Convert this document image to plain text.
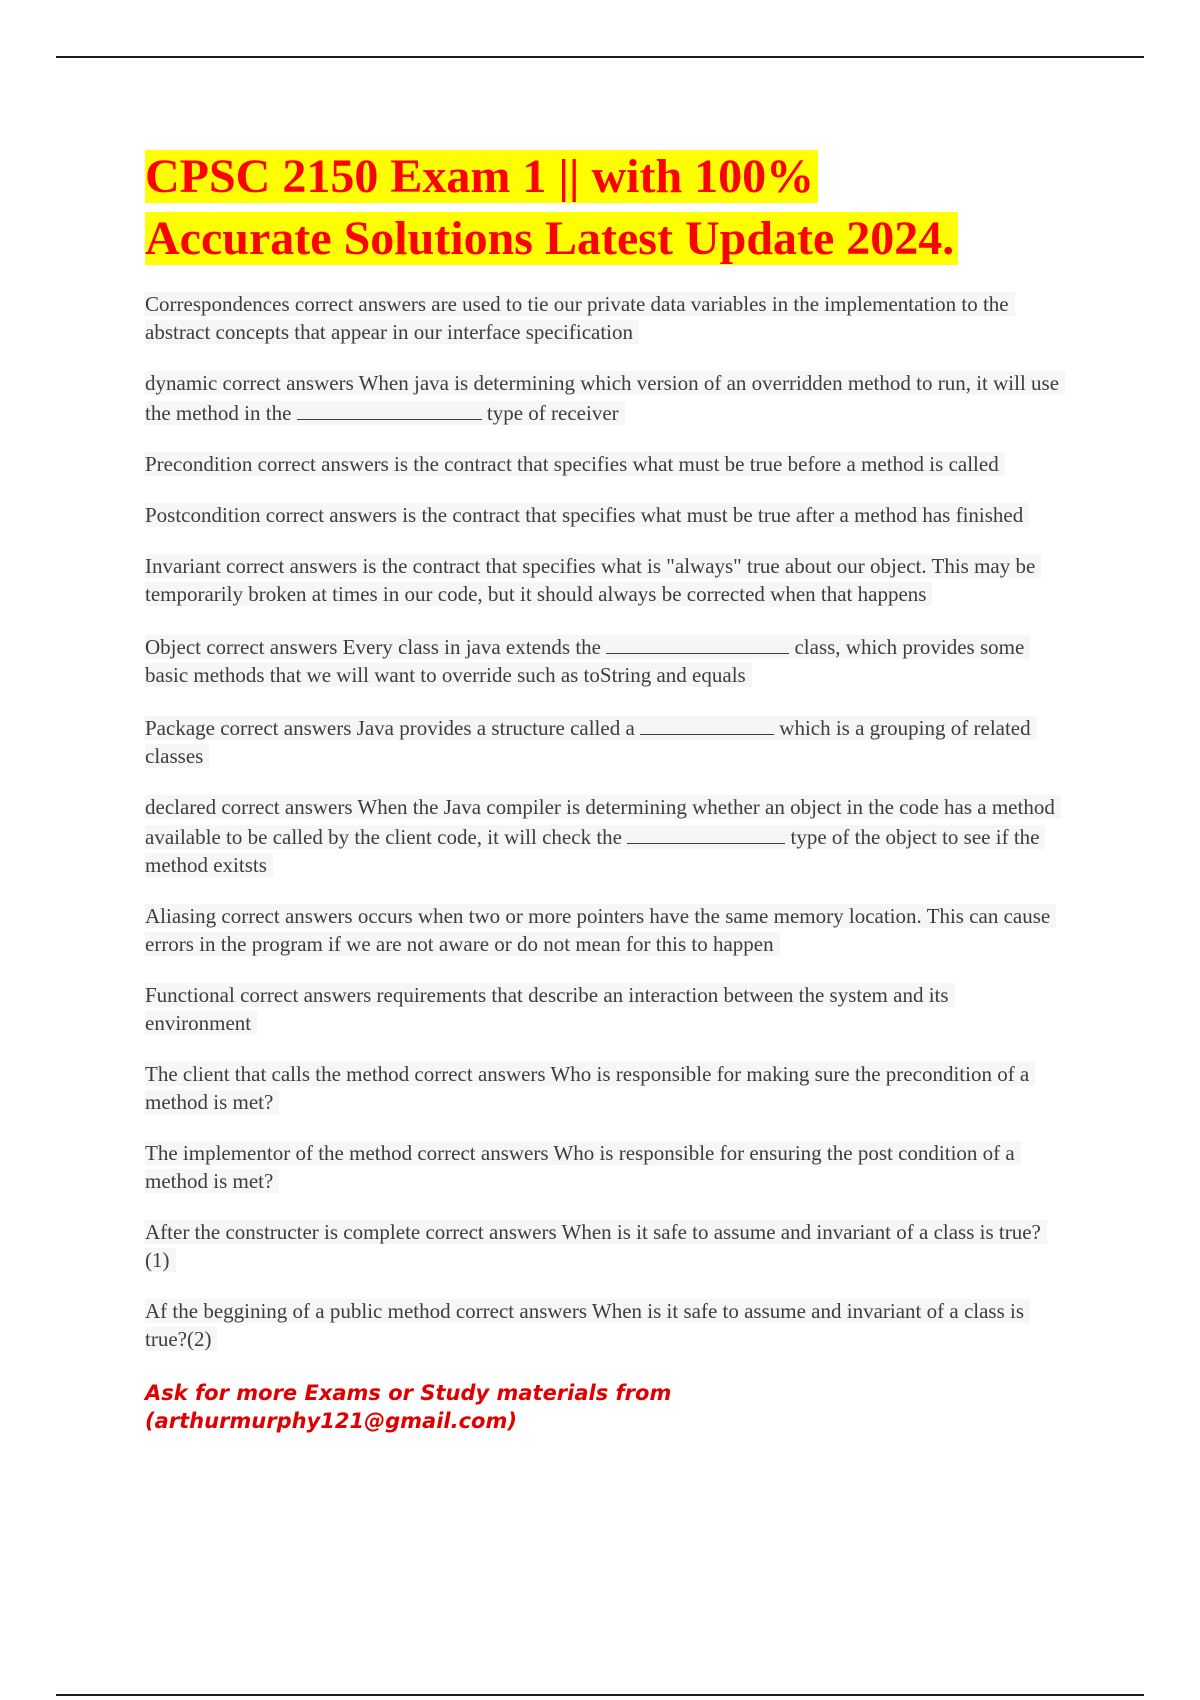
CPSC 2150 Exam 1 || with 100%
Accurate Solutions Latest Update 2024.

Correspondences correct answers are used to tie our private data variables in the implementation to the abstract concepts that appear in our interface specification

dynamic correct answers When java is determining which version of an overridden method to run, it will use the method in the	type of receiver

Precondition correct answers is the contract that specifies what must be true before a method is called

Postcondition correct answers is the contract that specifies what must be true after a method has finished

Invariant correct answers is the contract that specifies what is "always" true about our object. This may be temporarily broken at times in our code, but it should always be corrected when that happens

Object correct answers Every class in java extends the	class, which provides some basic methods that we will want to override such as toString and equals

Package correct answers Java provides a structure called a	which is a grouping of related classes

declared correct answers When the Java compiler is determining whether an object in the code has a method available to be called by the client code, it will check the	type of the object to see if the method exitsts

Aliasing correct answers occurs when two or more pointers have the same memory location. This can cause errors in the program if we are not aware or do not mean for this to happen

Functional correct answers requirements that describe an interaction between the system and its environment

The client that calls the method correct answers Who is responsible for making sure the precondition of a method is met?

The implementor of the method correct answers Who is responsible for ensuring the post condition of a method is met?

After the constructer is complete correct answers When is it safe to assume and invariant of a class is true?(1)

Af the beggining of a public method correct answers When is it safe to assume and invariant of a class is true?(2)

Ask for more Exams or Study materials from
(arthurmurphy121@gmail.com)
